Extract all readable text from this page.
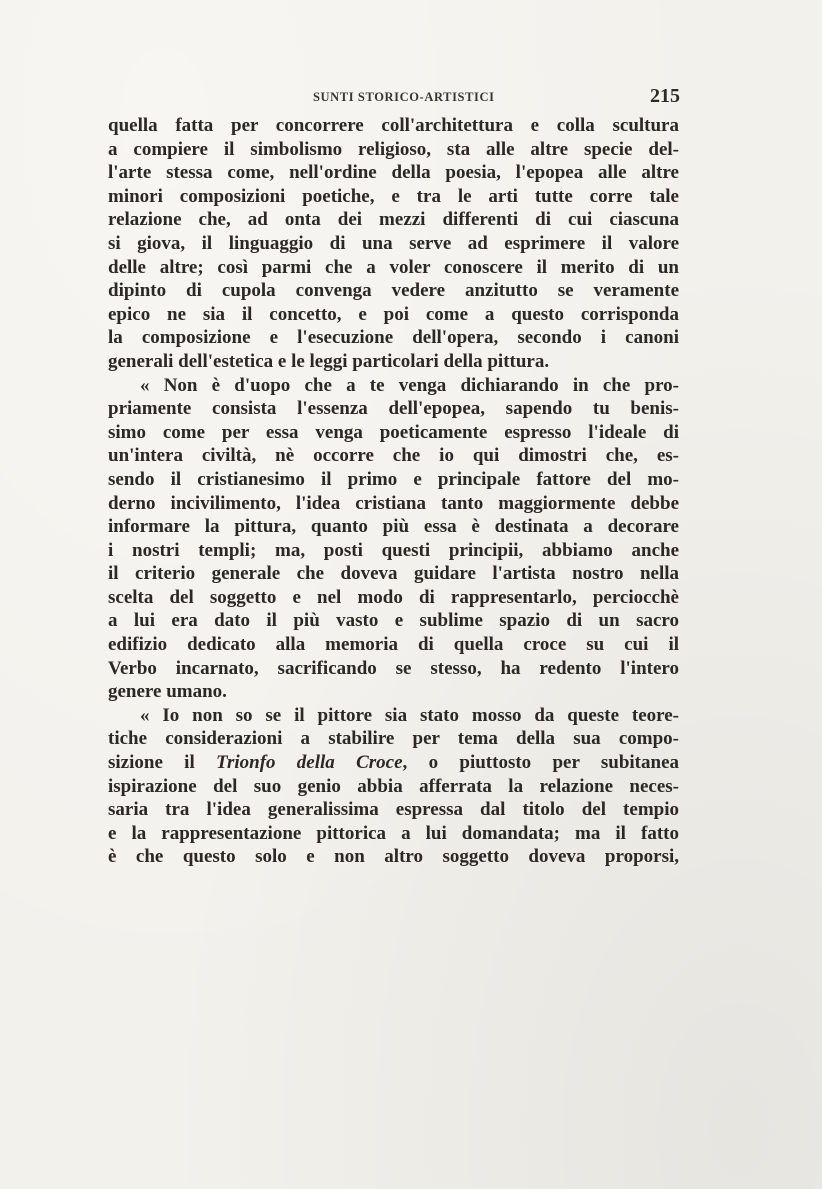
SUNTI STORICO-ARTISTICI	215
quella fatta per concorrere coll'architettura e colla scultura
a compiere il simbolismo religioso, sta alle altre specie del-
l'arte stessa come, nell'ordine della poesia, l'epopea alle altre
minori composizioni poetiche, e tra le arti tutte corre tale
relazione che, ad onta dei mezzi differenti di cui ciascuna
si giova, il linguaggio di una serve ad esprimere il valore
delle altre; così parmi che a voler conoscere il merito di un
dipinto di cupola convenga vedere anzitutto se veramente
epico ne sia il concetto, e poi come a questo corrisponda
la composizione e l'esecuzione dell'opera, secondo i canoni
generali dell'estetica e le leggi particolari della pittura.
« Non è d'uopo che a te venga dichiarando in che pro-
priamente consista l'essenza dell'epopea, sapendo tu benis-
simo come per essa venga poeticamente espresso l'ideale di
un'intera civiltà, nè occorre che io qui dimostri che, es-
sendo il cristianesimo il primo e principale fattore del mo-
derno incivilimento, l'idea cristiana tanto maggiormente debbe
informare la pittura, quanto più essa è destinata a decorare
i nostri templi; ma, posti questi principii, abbiamo anche
il criterio generale che doveva guidare l'artista nostro nella
scelta del soggetto e nel modo di rappresentarlo, perciocchè
a lui era dato il più vasto e sublime spazio di un sacro
edifizio dedicato alla memoria di quella croce su cui il
Verbo incarnato, sacrificando se stesso, ha redento l'intero
genere umano.
« Io non so se il pittore sia stato mosso da queste teore-
tiche considerazioni a stabilire per tema della sua compo-
sizione il Trionfo della Croce, o piuttosto per subitanea
ispirazione del suo genio abbia afferrata la relazione neces-
saria tra l'idea generalissima espressa dal titolo del tempio
e la rappresentazione pittorica a lui domandata; ma il fatto
è che questo solo e non altro soggetto doveva proporsi,
